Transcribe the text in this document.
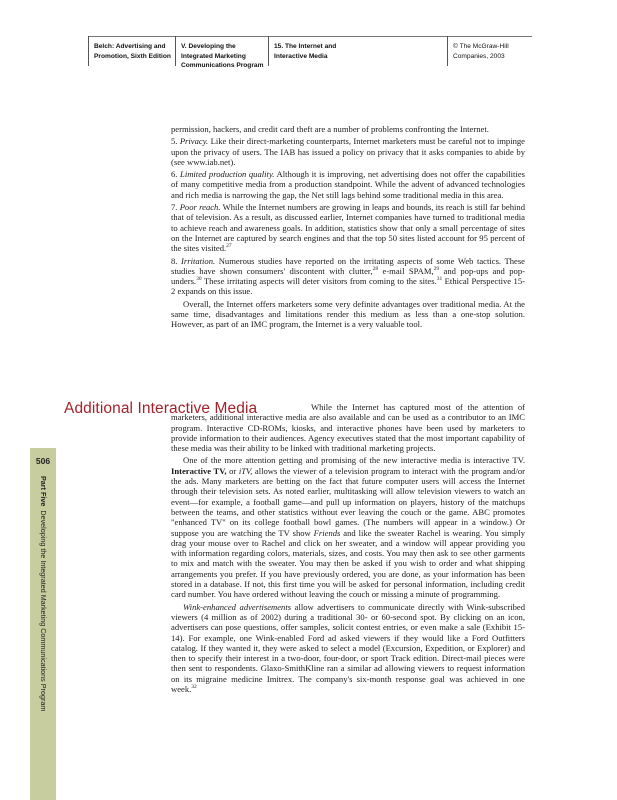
Belch: Advertising and
Promotion, Sixth Edition
V. Developing the
Integrated Marketing
Communications Program
15. The Internet and
Interactive Media
© The McGraw-Hill
Companies, 2003

permission, hackers, and credit card theft are a number of problems confronting the Internet.

5. Privacy. Like their direct-marketing counterparts, Internet marketers must be careful not to impinge upon the privacy of users. The IAB has issued a policy on privacy that it asks companies to abide by (see www.iab.net).

6. Limited production quality. Although it is improving, net advertising does not offer the capabilities of many competitive media from a production standpoint. While the advent of advanced technologies and rich media is narrowing the gap, the Net still lags behind some traditional media in this area.

7. Poor reach. While the Internet numbers are growing in leaps and bounds, its reach is still far behind that of television. As a result, as discussed earlier, Internet companies have turned to traditional media to achieve reach and awareness goals. In addition, statistics show that only a small percentage of sites on the Internet are captured by search engines and that the top 50 sites listed account for 95 percent of the sites visited.$^{27}$

8. Irritation. Numerous studies have reported on the irritating aspects of some Web tactics. These studies have shown consumers' discontent with clutter,$^{28}$ e-mail SPAM,$^{29}$ and pop-ups and pop-unders.$^{30}$ These irritating aspects will deter visitors from coming to the sites.$^{31}$ Ethical Perspective 15-2 expands on this issue.

Overall, the Internet offers marketers some very definite advantages over traditional media. At the same time, disadvantages and limitations render this medium as less than a one-stop solution. However, as part of an IMC program, the Internet is a very valuable tool.

Additional Interactive Media	While the Internet has captured most of the attention of marketers, additional interactive media are also available and can be used as a contributor to an IMC program. Interactive CD-ROMs, kiosks, and interactive phones have been used by marketers to provide information to their audiences. Agency executives stated that the most important capability of these media was their ability to be linked with traditional marketing projects.

One of the more attention getting and promising of the new interactive media is interactive TV. Interactive TV, or iTV, allows the viewer of a television program to interact with the program and/or the ads. Many marketers are betting on the fact that future computer users will access the Internet through their television sets. As noted earlier, multitasking will allow television viewers to watch an event—for example, a football game—and pull up information on players, history of the matchups between the teams, and other statistics without ever leaving the couch or the game. ABC promotes "enhanced TV" on its college football bowl games. (The numbers will appear in a window.) Or suppose you are watching the TV show Friends and like the sweater Rachel is wearing. You simply drag your mouse over to Rachel and click on her sweater, and a window will appear providing you with information regarding colors, materials, sizes, and costs. You may then ask to see other garments to mix and match with the sweater. You may then be asked if you wish to order and what shipping arrangements you prefer. If you have previously ordered, you are done, as your information has been stored in a database. If not, this first time you will be asked for personal information, including credit card number. You have ordered without leaving the couch or missing a minute of programming.

Wink-enhanced advertisements allow advertisers to communicate directly with Wink-subscribed viewers (4 million as of 2002) during a traditional 30- or 60-second spot. By clicking on an icon, advertisers can pose questions, offer samples, solicit contest entries, or even make a sale (Exhibit 15-14). For example, one Wink-enabled Ford ad asked viewers if they would like a Ford Outfitters catalog. If they wanted it, they were asked to select a model (Excursion, Expedition, or Explorer) and then to specify their interest in a two-door, four-door, or sport Track edition. Direct-mail pieces were then sent to respondents. Glaxo-SmithKline ran a similar ad allowing viewers to request information on its migraine medicine Imitrex. The company's six-month response goal was achieved in one week.$^{32}$

506
Part Five  Developing the Integrated Marketing Communications Program
